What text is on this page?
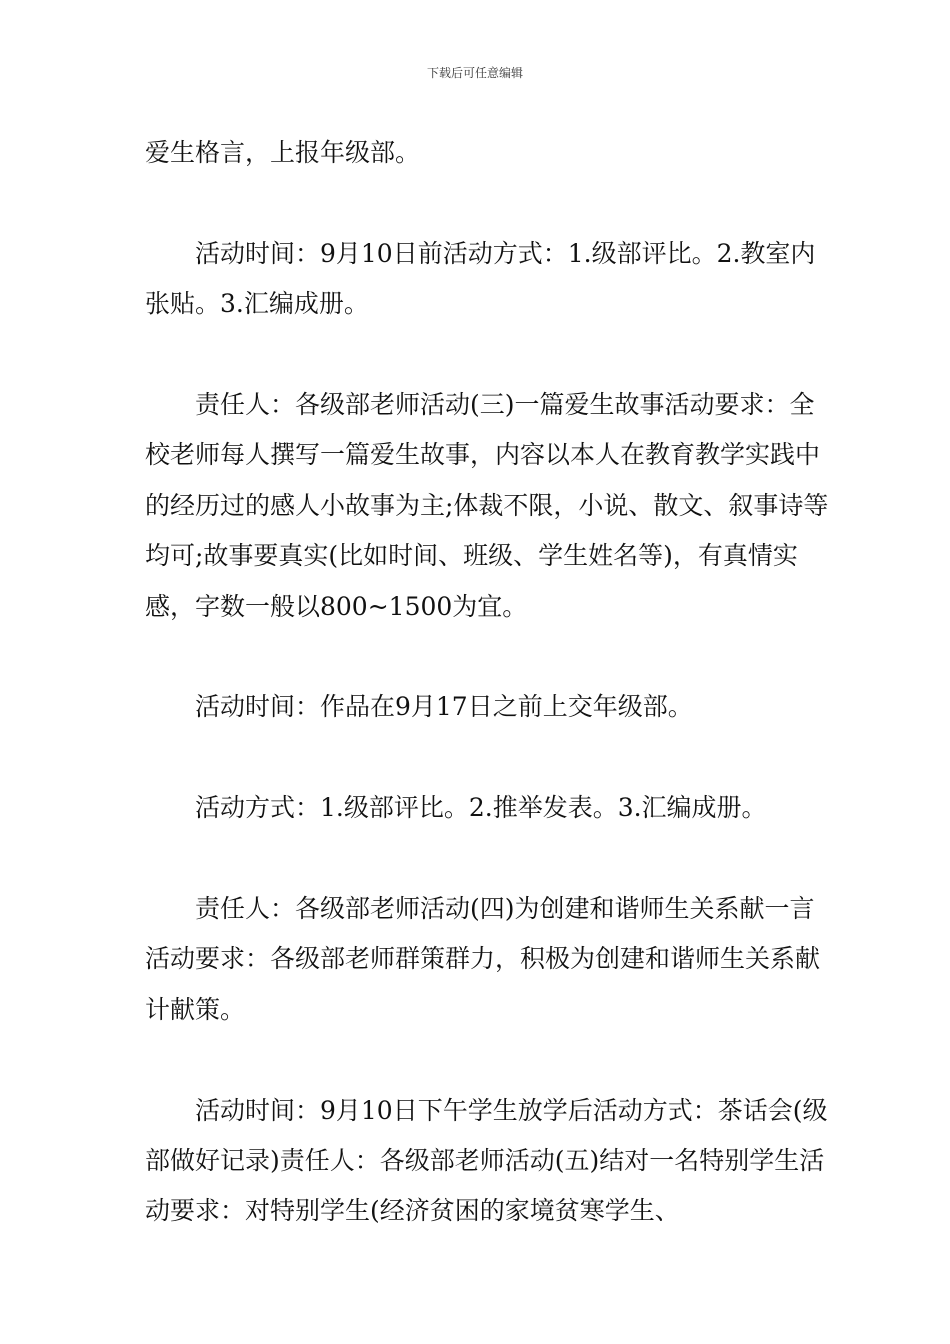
下载后可任意编辑

爱生格言，上报年级部。

活动时间：9月10日前活动方式：1.级部评比。2.教室内张贴。3.汇编成册。

责任人：各级部老师活动(三)一篇爱生故事活动要求：全校老师每人撰写一篇爱生故事，内容以本人在教育教学实践中的经历过的感人小故事为主;体裁不限，小说、散文、叙事诗等均可;故事要真实(比如时间、班级、学生姓名等)，有真情实感，字数一般以800~1500为宜。

活动时间：作品在9月17日之前上交年级部。

活动方式：1.级部评比。2.推举发表。3.汇编成册。

责任人：各级部老师活动(四)为创建和谐师生关系献一言活动要求：各级部老师群策群力，积极为创建和谐师生关系献计献策。

活动时间：9月10日下午学生放学后活动方式：茶话会(级部做好记录)责任人：各级部老师活动(五)结对一名特别学生活动要求：对特别学生(经济贫困的家境贫寒学生、
